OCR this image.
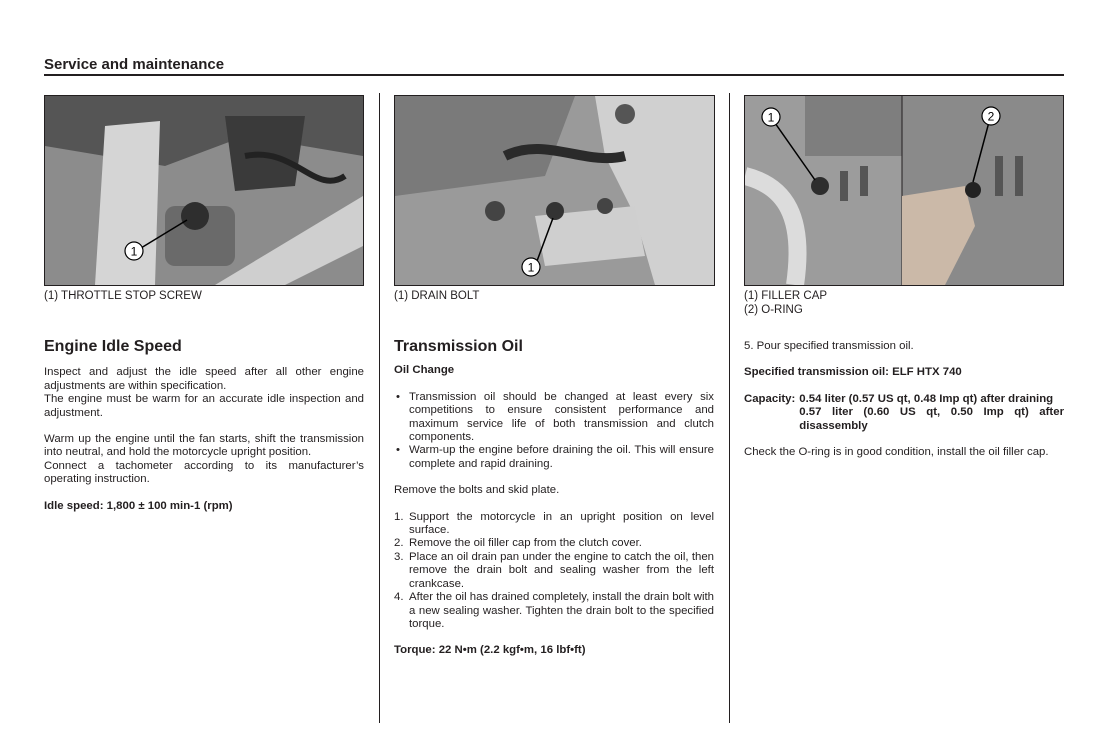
Service and maintenance
1
(1) THROTTLE STOP SCREW
1
(1) DRAIN BOLT
1	2
(1) FILLER CAP
(2) O-RING
Engine Idle Speed

Inspect and adjust the idle speed after all other engine adjustments are within specification.

The engine must be warm for an accurate idle inspection and adjustment.

Warm up the engine until the fan starts, shift the transmission into neutral, and hold the motorcycle upright position.

Connect a tachometer according to its manufacturer’s operating instruction.

Idle speed: 1,800 ± 100 min-1 (rpm)

Transmission Oil

Oil Change

• Transmission oil should be changed at least every six competitions to ensure consistent performance and maximum service life of both transmission and clutch components.
• Warm-up the engine before draining the oil. This will ensure complete and rapid draining.

Remove the bolts and skid plate.

1. Support the motorcycle in an upright position on level surface.
2. Remove the oil filler cap from the clutch cover.
3. Place an oil drain pan under the engine to catch the oil, then remove the drain bolt and sealing washer from the left crankcase.
4. After the oil has drained completely, install the drain bolt with a new sealing washer. Tighten the drain bolt to the specified torque.

Torque: 22 N•m (2.2 kgf•m, 16 lbf•ft)

5. Pour specified transmission oil.

Specified transmission oil: ELF HTX 740

Capacity: 0.54 liter (0.57 US qt, 0.48 Imp qt) after draining
0.57 liter (0.60 US qt, 0.50 Imp qt) after disassembly

Check the O-ring is in good condition, install the oil filler cap.
